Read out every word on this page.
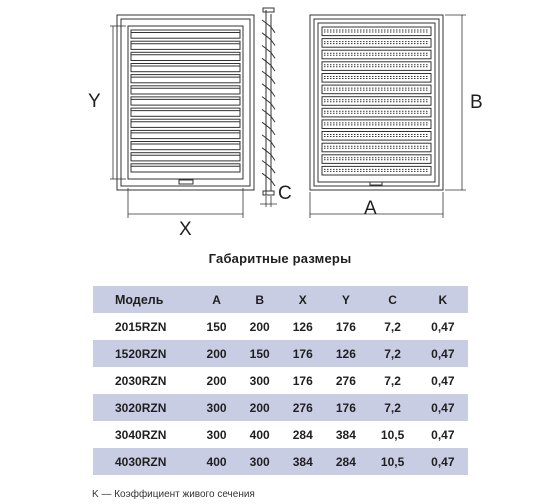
Y
X
C
A
B
Габаритные размеры
Модель	A	B	X	Y	C	K
2015RZN	150	200	126	176	7,2	0,47
1520RZN	200	150	176	126	7,2	0,47
2030RZN	200	300	176	276	7,2	0,47
3020RZN	300	200	276	176	7,2	0,47
3040RZN	300	400	284	384	10,5	0,47
4030RZN	400	300	384	284	10,5	0,47
K — Коэффициент живого сечения
